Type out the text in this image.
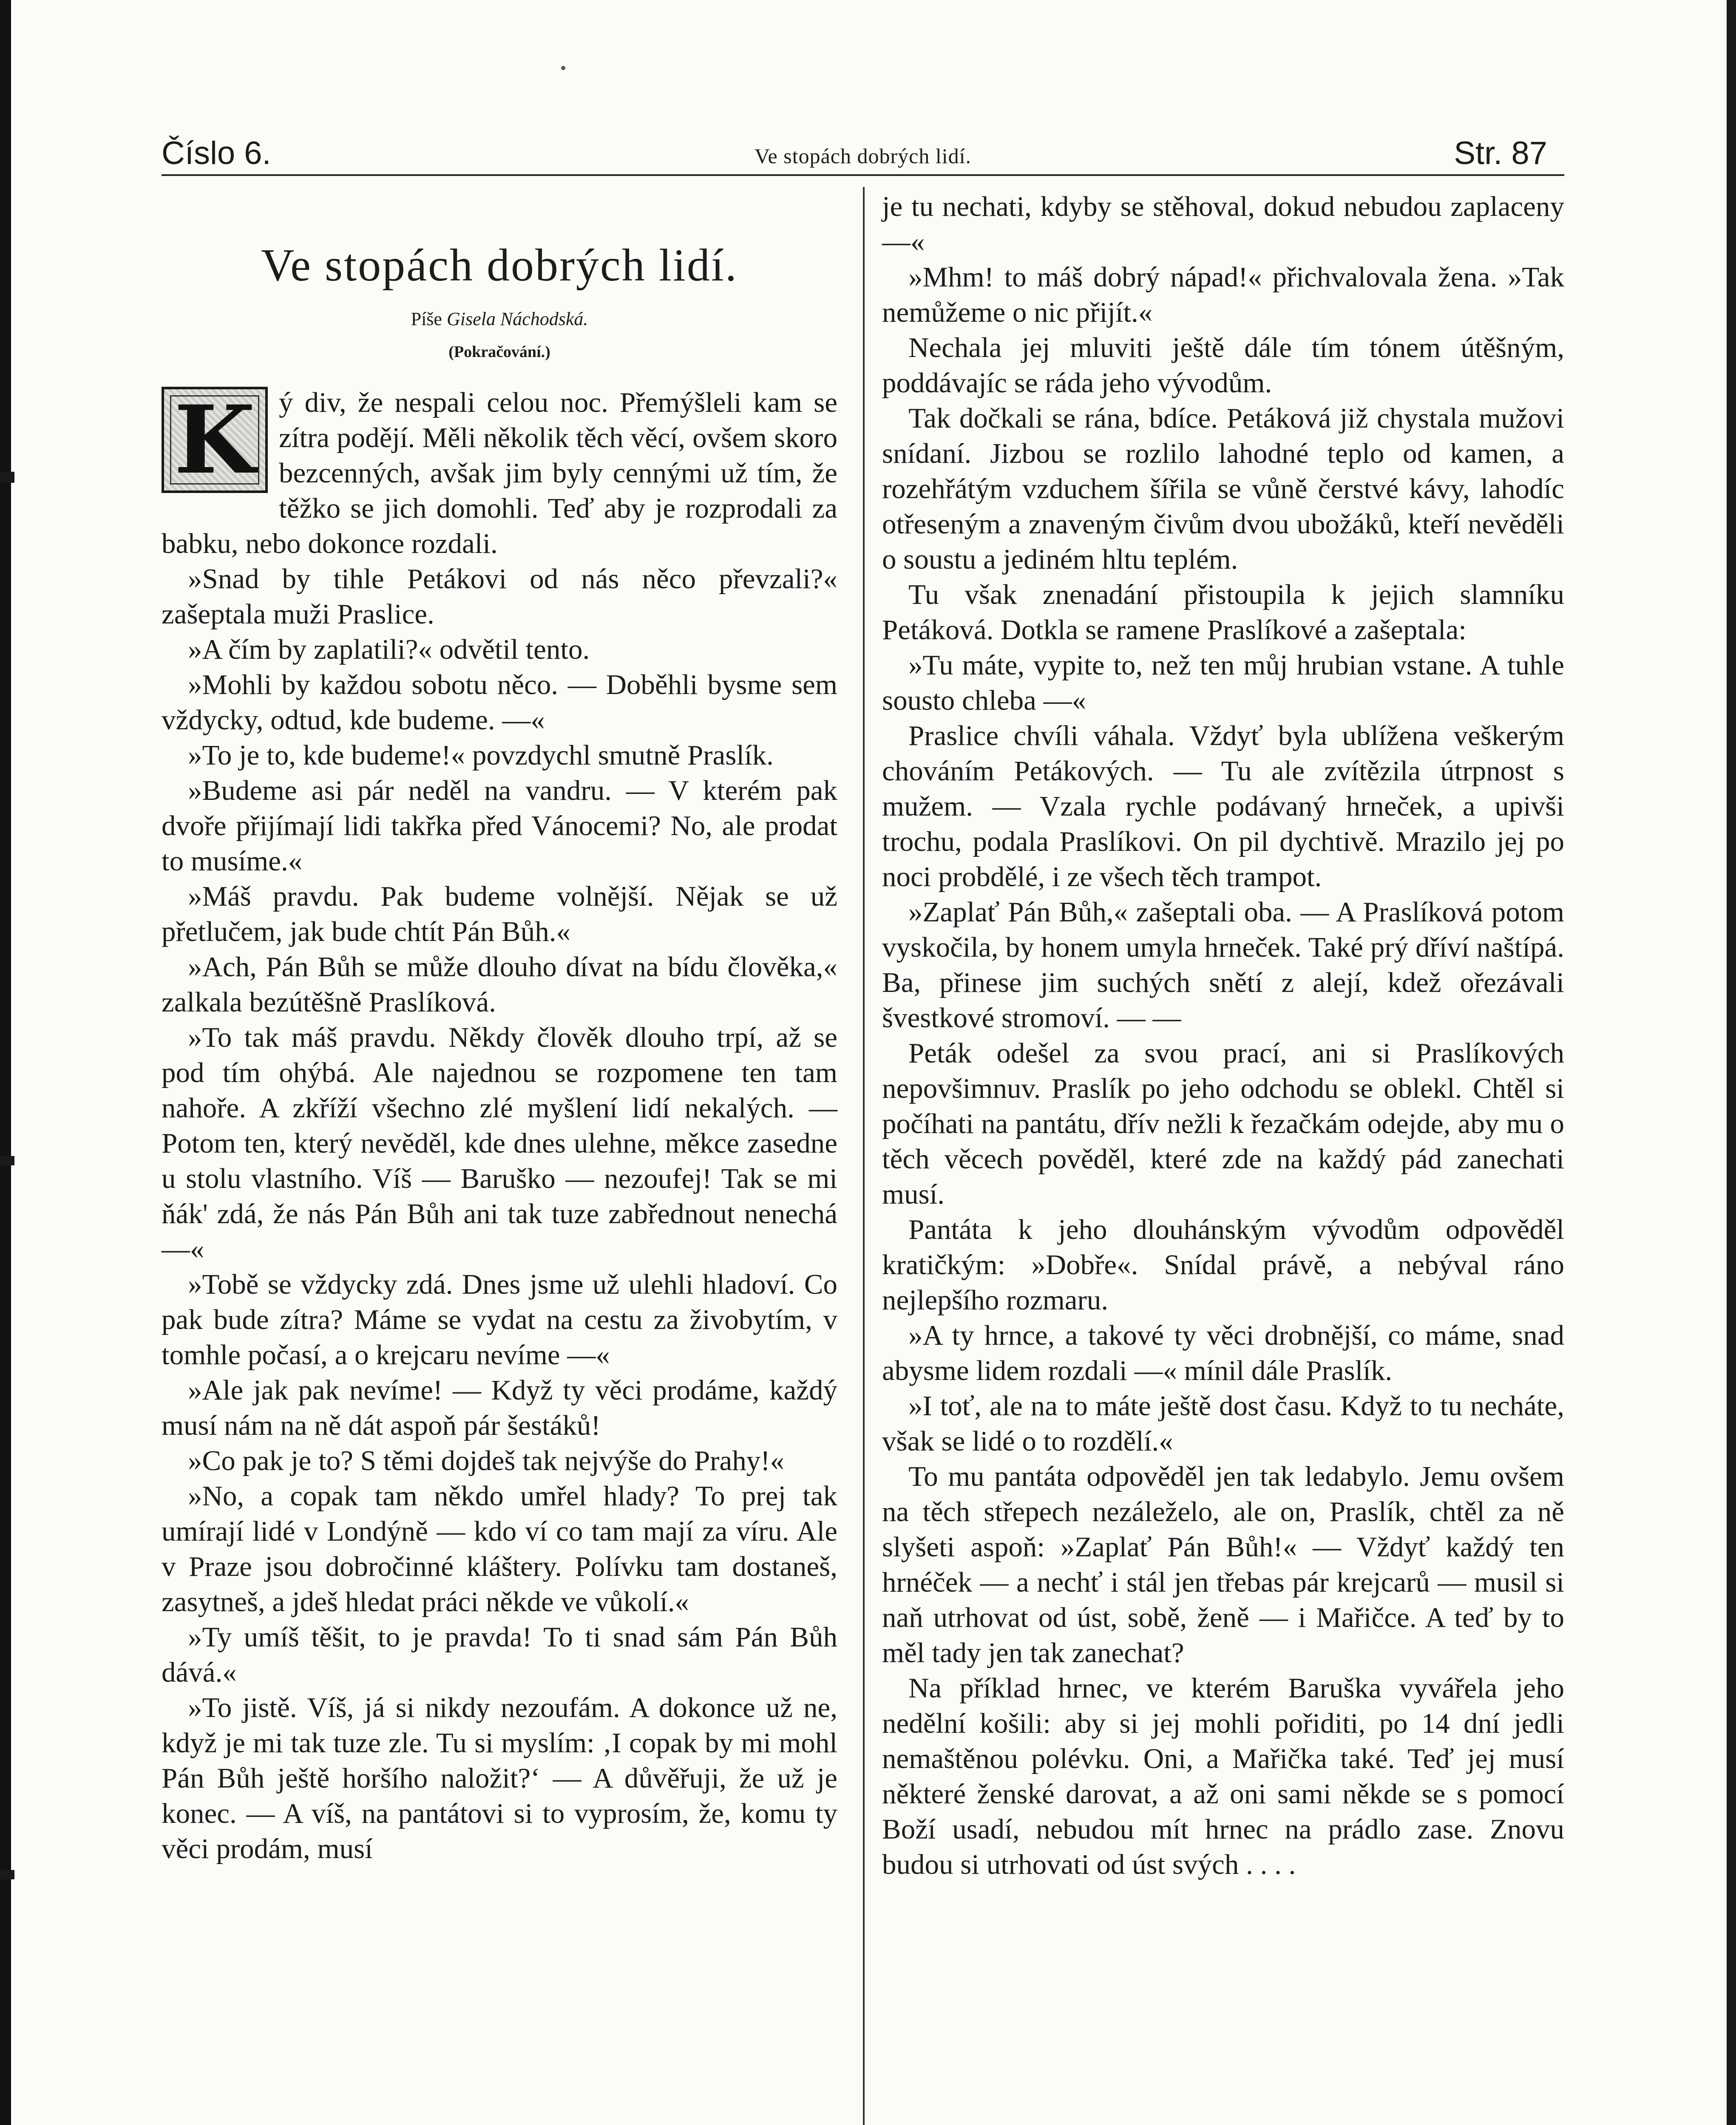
Číslo 6.	Ve stopách dobrých lidí.	Str. 87
Ve stopách dobrých lidí.
Píše Gisela Náchodská.
(Pokračování.)

K ý div, že nespali celou noc. Přemýšleli kam se zítra podějí. Měli několik těch věcí, ovšem skoro bezcenných, avšak jim byly cennými už tím, že těžko se jich domohli. Teď aby je rozprodali za babku, nebo dokonce rozdali.

»Snad by tihle Petákovi od nás něco převzali?« zašeptala muži Praslice.

»A čím by zaplatili?« odvětil tento.

»Mohli by každou sobotu něco. — Doběhli bysme sem vždycky, odtud, kde budeme. —«

»To je to, kde budeme!« povzdychl smutně Praslík.

»Budeme asi pár neděl na vandru. — V kterém pak dvoře přijímají lidi takřka před Vánocemi? No, ale prodat to musíme.«

»Máš pravdu. Pak budeme volnější. Nějak se už přetlučem, jak bude chtít Pán Bůh.«

»Ach, Pán Bůh se může dlouho dívat na bídu člověka,« zalkala bezútěšně Praslíková.

»To tak máš pravdu. Někdy člověk dlouho trpí, až se pod tím ohýbá. Ale najednou se rozpomene ten tam nahoře. A zkříží všechno zlé myšlení lidí nekalých. — Potom ten, který nevěděl, kde dnes ulehne, měkce zasedne u stolu vlastního. Víš — Baruško — nezoufej! Tak se mi ňák' zdá, že nás Pán Bůh ani tak tuze zabřednout nenechá —«

»Tobě se vždycky zdá. Dnes jsme už ulehli hladoví. Co pak bude zítra? Máme se vydat na cestu za živobytím, v tomhle počasí, a o krejcaru nevíme —«

»Ale jak pak nevíme! — Když ty věci prodáme, každý musí nám na ně dát aspoň pár šestáků!

»Co pak je to? S těmi dojdeš tak nejvýše do Prahy!«

»No, a copak tam někdo umřel hlady? To prej tak umírají lidé v Londýně — kdo ví co tam mají za víru. Ale v Praze jsou dobročinné kláštery. Polívku tam dostaneš, zasytneš, a jdeš hledat práci někde ve vůkolí.«

»Ty umíš těšit, to je pravda! To ti snad sám Pán Bůh dává.«

»To jistě. Víš, já si nikdy nezoufám. A dokonce už ne, když je mi tak tuze zle. Tu si myslím: ‚I copak by mi mohl Pán Bůh ještě horšího naložit?‘ — A důvěřuji, že už je konec. — A víš, na pantátovi si to vyprosím, že, komu ty věci prodám, musí

je tu nechati, kdyby se stěhoval, dokud nebudou zaplaceny —«

»Mhm! to máš dobrý nápad!« přichvalovala žena. »Tak nemůžeme o nic přijít.«

Nechala jej mluviti ještě dále tím tónem útěšným, poddávajíc se ráda jeho vývodům.

Tak dočkali se rána, bdíce. Petáková již chystala mužovi snídaní. Jizbou se rozlilo lahodné teplo od kamen, a rozehřátým vzduchem šířila se vůně čerstvé kávy, lahodíc otřeseným a znaveným čivům dvou ubožáků, kteří nevěděli o soustu a jediném hltu teplém.

Tu však znenadání přistoupila k jejich slamníku Petáková. Dotkla se ramene Praslíkové a zašeptala:

»Tu máte, vypite to, než ten můj hrubian vstane. A tuhle sousto chleba —«

Praslice chvíli váhala. Vždyť byla ublížena veškerým chováním Petákových. — Tu ale zvítězila útrpnost s mužem. — Vzala rychle podávaný hrneček, a upivši trochu, podala Praslíkovi. On pil dychtivě. Mrazilo jej po noci probdělé, i ze všech těch trampot.

»Zaplať Pán Bůh,« zašeptali oba. — A Praslíková potom vyskočila, by honem umyla hrneček. Také prý dříví naštípá. Ba, přinese jim suchých snětí z alejí, kdež ořezávali švestkové stromoví. — —

Peták odešel za svou prací, ani si Praslíkových nepovšimnuv. Praslík po jeho odchodu se oblekl. Chtěl si počíhati na pantátu, dřív nežli k řezačkám odejde, aby mu o těch věcech pověděl, které zde na každý pád zanechati musí.

Pantáta k jeho dlouhánským vývodům odpověděl kratičkým: »Dobře«. Snídal právě, a nebýval ráno nejlepšího rozmaru.

»A ty hrnce, a takové ty věci drobnější, co máme, snad abysme lidem rozdali —« mínil dále Praslík.

»I toť, ale na to máte ještě dost času. Když to tu necháte, však se lidé o to rozdělí.«

To mu pantáta odpověděl jen tak ledabylo. Jemu ovšem na těch střepech nezáleželo, ale on, Praslík, chtěl za ně slyšeti aspoň: »Zaplať Pán Bůh!« — Vždyť každý ten hrnéček — a nechť i stál jen třebas pár krejcarů — musil si naň utrhovat od úst, sobě, ženě — i Mařičce. A teď by to měl tady jen tak zanechat?

Na příklad hrnec, ve kterém Baruška vyvářela jeho nedělní košili: aby si jej mohli pořiditi, po 14 dní jedli nemaštěnou polévku. Oni, a Mařička také. Teď jej musí některé ženské darovat, a až oni sami někde se s pomocí Boží usadí, nebudou mít hrnec na prádlo zase. Znovu budou si utrhovati od úst svých . . . .
